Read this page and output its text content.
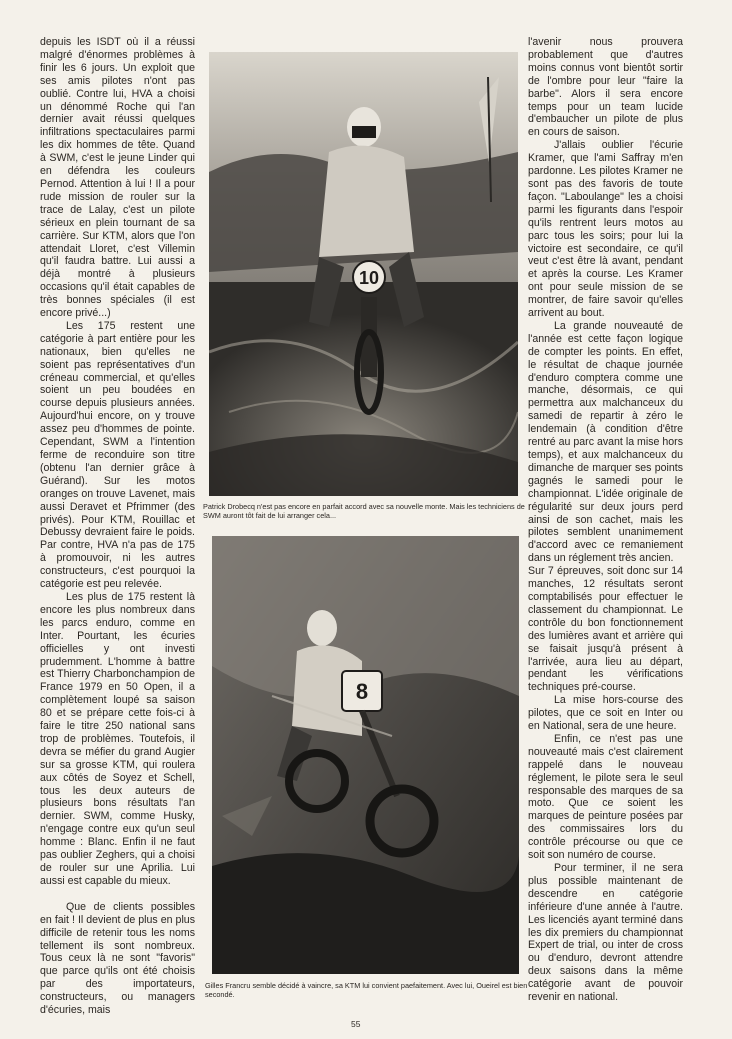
depuis les ISDT où il a réussi malgré d'énormes problèmes à finir les 6 jours. Un exploit que ses amis pilotes n'ont pas oublié. Contre lui, HVA a choisi un dénommé Roche qui l'an dernier avait réussi quelques infiltrations spectaculaires parmi les dix hommes de tête. Quand à SWM, c'est le jeune Linder qui en défendra les couleurs Pernod. Attention à lui ! Il a pour rude mission de rouler sur la trace de Lalay, c'est un pilote sérieux en plein tournant de sa carrière. Sur KTM, alors que l'on attendait Lloret, c'est Villemin qu'il faudra battre. Lui aussi a déjà montré à plusieurs occasions qu'il était capables de très bonnes spéciales (il est encore privé...)

Les 175 restent une catégorie à part entière pour les nationaux, bien qu'elles ne soient pas représentatives d'un créneau commercial, et qu'elles soient un peu boudées en course depuis plusieurs années. Aujourd'hui encore, on y trouve assez peu d'hommes de pointe. Cependant, SWM a l'intention ferme de reconduire son titre (obtenu l'an dernier grâce à Guérand). Sur les motos oranges on trouve Lavenet, mais aussi Deravet et Pfrimmer (des privés). Pour KTM, Rouillac et Debussy devraient faire le poids. Par contre, HVA n'a pas de 175 à promouvoir, ni les autres constructeurs, c'est pourquoi la catégorie est peu relevée.

Les plus de 175 restent là encore les plus nombreux dans les parcs enduro, comme en Inter. Pourtant, les écuries officielles y ont investi prudemment. L'homme à battre est Thierry Charbonchampion de France 1979 en 50 Open, il a complètement loupé sa saison 80 et se prépare cette fois-ci à faire le titre 250 national sans trop de problèmes. Toutefois, il devra se méfier du grand Augier sur sa grosse KTM, qui roulera aux côtés de Soyez et Schell, tous les deux auteurs de plusieurs bons résultats l'an dernier. SWM, comme Husky, n'engage contre eux qu'un seul homme : Blanc. Enfin il ne faut pas oublier Zeghers, qui a choisi de rouler sur une Aprilia. Lui aussi est capable du mieux.

Que de clients possibles en fait ! Il devient de plus en plus difficile de retenir tous les noms tellement ils sont nombreux. Tous ceux là ne sont "favoris" que parce qu'ils ont été choisis par des importateurs, constructeurs, ou managers d'écuries, mais

10
Patrick Drobecq n'est pas encore en parfait accord avec sa nouvelle monte. Mais les techniciens de SWM auront tôt fait de lui arranger cela...
8
Gilles Francru semble décidé à vaincre, sa KTM lui convient paefaitement. Avec lui, Oueirel est bien secondé.

l'avenir nous prouvera probablement que d'autres moins connus vont bientôt sortir de l'ombre pour leur "faire la barbe". Alors il sera encore temps pour un team lucide d'embaucher un pilote de plus en cours de saison.

J'allais oublier l'écurie Kramer, que l'ami Saffray m'en pardonne. Les pilotes Kramer ne sont pas des favoris de toute façon. "Laboulange" les a choisi parmi les figurants dans l'espoir qu'ils rentrent leurs motos au parc tous les soirs; pour lui la victoire est secondaire, ce qu'il veut c'est être là avant, pendant et après la course. Les Kramer ont pour seule mission de se montrer, de faire savoir qu'elles arrivent au bout.

La grande nouveauté de l'année est cette façon logique de compter les points. En effet, le résultat de chaque journée d'enduro comptera comme une manche, désormais, ce qui permettra aux malchanceux du samedi de repartir à zéro le lendemain (à condition d'être rentré au parc avant la mise hors temps), et aux malchanceux du dimanche de marquer ses points gagnés le samedi pour le championnat. L'idée originale de régularité sur deux jours perd ainsi de son cachet, mais les pilotes semblent unanimement d'accord avec ce remaniement dans un réglement très ancien.

Sur 7 épreuves, soit donc sur 14 manches, 12 résultats seront comptabilisés pour effectuer le classement du championnat. Le contrôle du bon fonctionnement des lumières avant et arrière qui se faisait jusqu'à présent à l'arrivée, aura lieu au départ, pendant les vérifications techniques pré-course.

La mise hors-course des pilotes, que ce soit en Inter ou en National, sera de une heure.

Enfin, ce n'est pas une nouveauté mais c'est clairement rappelé dans le nouveau réglement, le pilote sera le seul responsable des marques de sa moto. Que ce soient les marques de peinture posées par des commissaires lors du contrôle précourse ou que ce soit son numéro de course.

Pour terminer, il ne sera plus possible maintenant de descendre en catégorie inférieure d'une année à l'autre. Les licenciés ayant terminé dans les dix premiers du championnat Expert de trial, ou inter de cross ou d'enduro, devront attendre deux saisons dans la même catégorie avant de pouvoir revenir en national.

55
